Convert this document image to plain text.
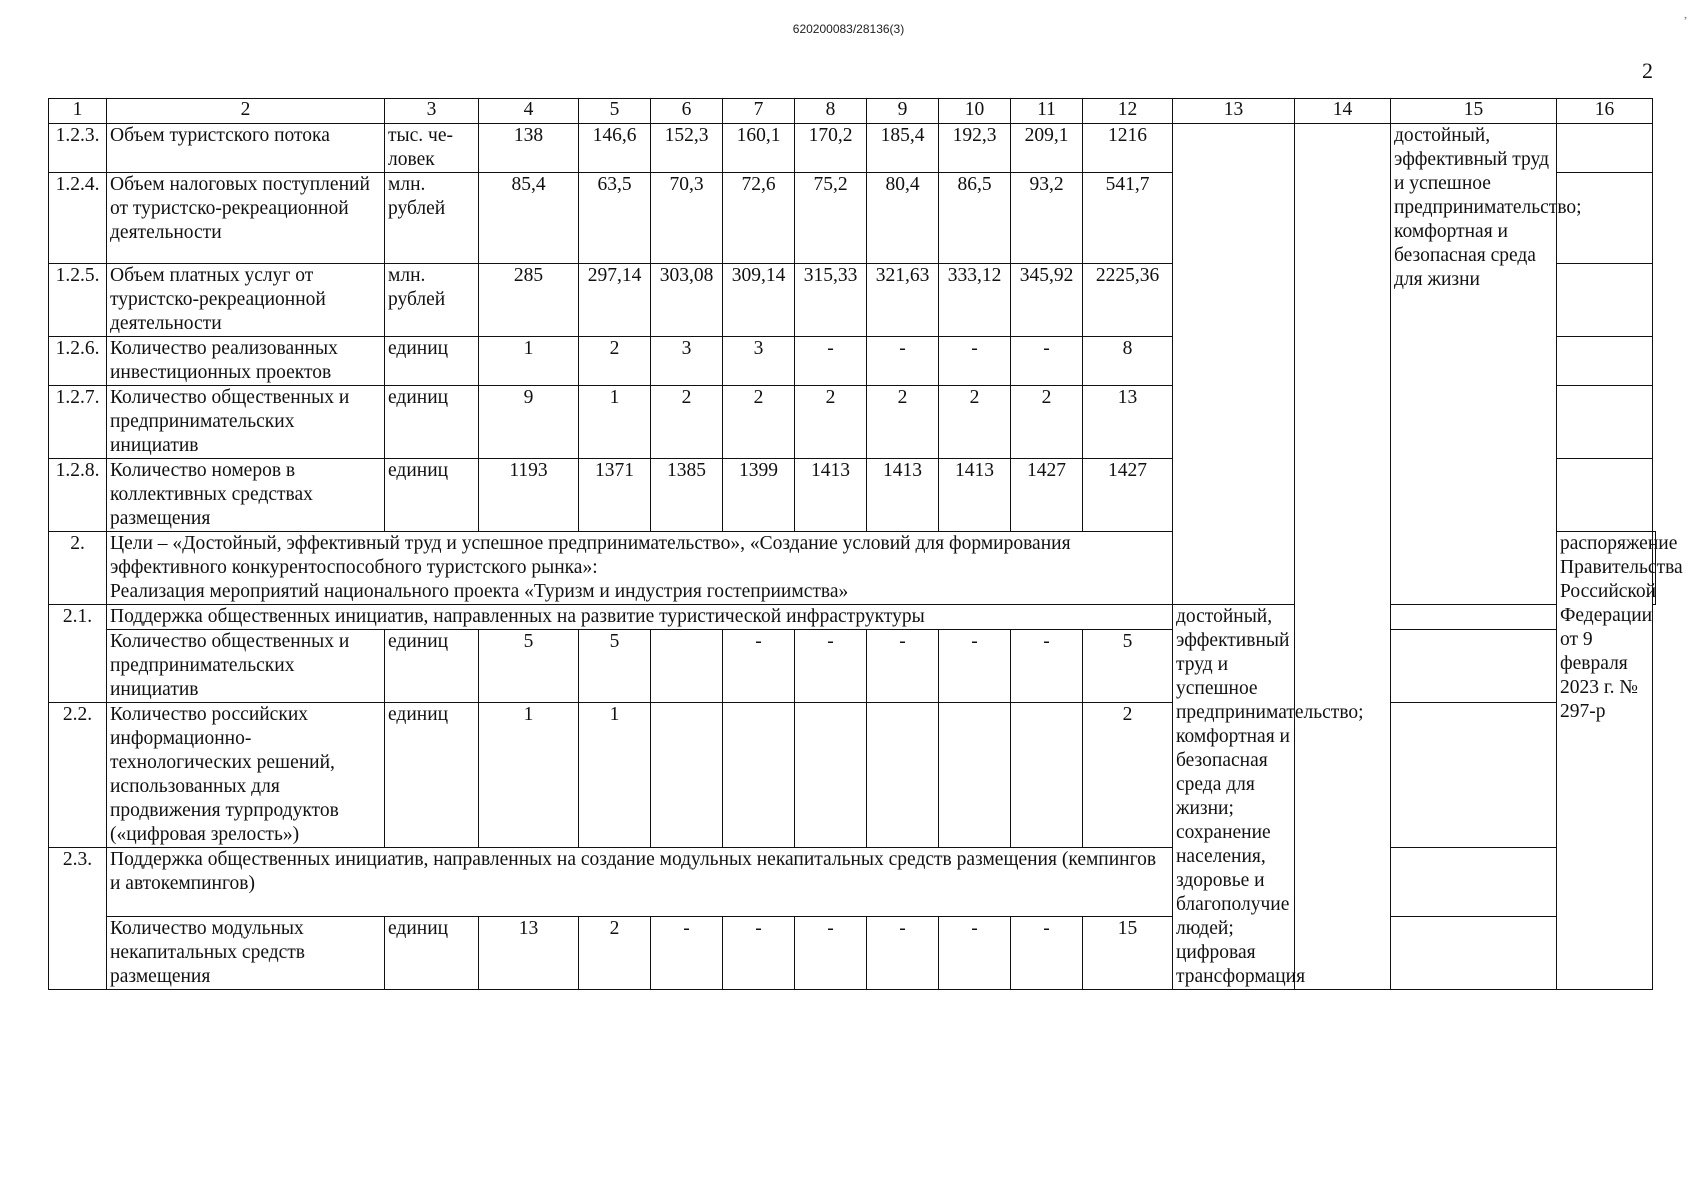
620200083/28136(3)	᾽
2
1	2	3	4	5	6	7	8	9	10	11	12	13	14	15	16	
1.2.3.	Объем туристского потока	тыс. че-ловек	138	146,6	152,3	160,1	170,2	185,4	192,3	209,1	1216			достойный, эффективный труд и успешное предпринимательство; комфортная и безопасная среда для жизни		
1.2.4.	Объем налоговых поступлений от туристско-рекреационной деятельности	млн. рублей	85,4	63,5	70,3	72,6	75,2	80,4	86,5	93,2	541,7					
1.2.5.	Объем платных услуг от туристско-рекреационной деятельности	млн. рублей	285	297,14	303,08	309,14	315,33	321,63	333,12	345,92	2225,36					
1.2.6.	Количество реализованных инвестиционных проектов	единиц	1	2	3	3	-	-	-	-	8					
1.2.7.	Количество общественных и предпринимательских инициатив	единиц	9	1	2	2	2	2	2	2	13					
1.2.8.	Количество номеров в коллективных средствах размещения	единиц	1193	1371	1385	1399	1413	1413	1413	1427	1427					
2.	Цели – «Достойный, эффективный труд и успешное предпринимательство», «Создание условий для формирования эффективного конкурентоспособного туристского рынка»:
Реализация мероприятий национального проекта «Туризм и индустрия гостеприимства»														распоряжение Правительства Российской Федерации от 9 февраля 2023 г. № 297-р	
2.1.	Поддержка общественных инициатив, направленных на развитие туристической инфраструктуры											достойный, эффективный труд и успешное предпринимательство; комфортная и безопасная среда для жизни; сохранение населения, здоровье и благополучие людей; цифровая трансформация				
	Количество общественных и предпринимательских инициатив	единиц	5	5		-	-	-	-	-	5					
2.2.	Количество российских информационно-технологических решений, использованных для продвижения турпродуктов («цифровая зрелость»)	единиц	1	1							2					
2.3.	Поддержка общественных инициатив, направленных на создание модульных некапитальных средств размещения (кемпингов и автокемпингов)															
	Количество модульных некапитальных средств размещения	единиц	13	2	-	-	-	-	-	-	15					
